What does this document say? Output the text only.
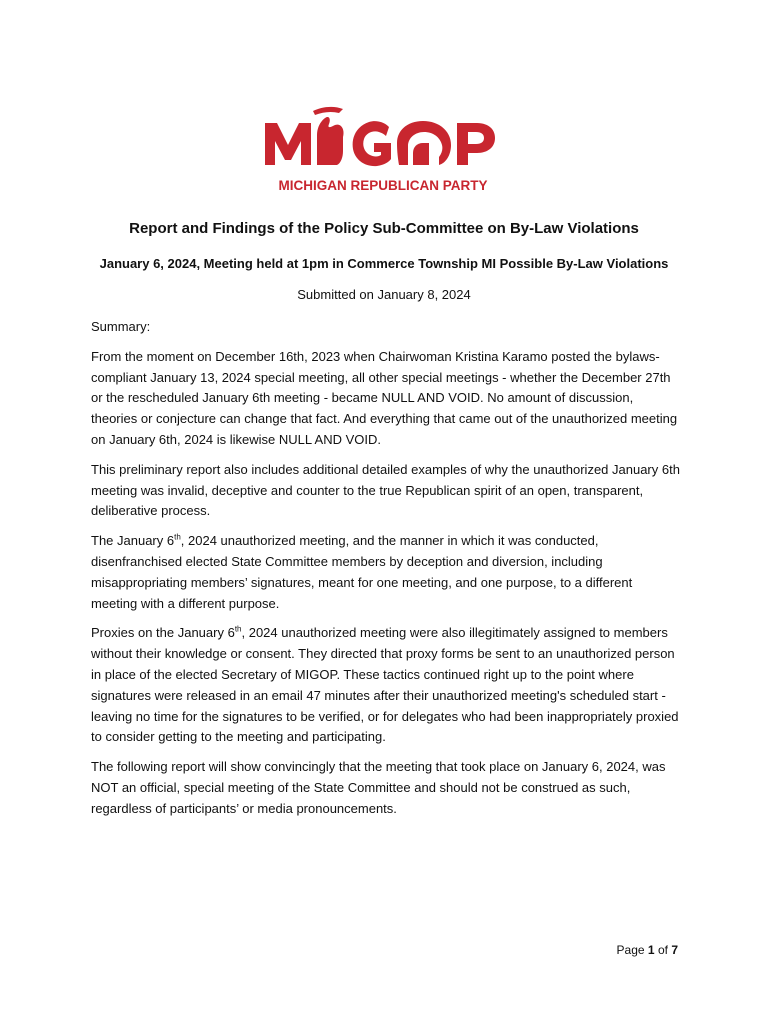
MICHIGAN REPUBLICAN PARTY
Report and Findings of the Policy Sub-Committee on By-Law Violations
January 6, 2024, Meeting held at 1pm in Commerce Township MI Possible By-Law Violations
Submitted on January 8, 2024

Summary:

From the moment on December 16th, 2023 when Chairwoman Kristina Karamo posted the bylaws-compliant January 13, 2024 special meeting, all other special meetings - whether the December 27th or the rescheduled January 6th meeting - became NULL AND VOID. No amount of discussion, theories or conjecture can change that fact. And everything that came out of the unauthorized meeting on January 6th, 2024 is likewise NULL AND VOID.

This preliminary report also includes additional detailed examples of why the unauthorized January 6th meeting was invalid, deceptive and counter to the true Republican spirit of an open, transparent, deliberative process.

The January 6th, 2024 unauthorized meeting, and the manner in which it was conducted, disenfranchised elected State Committee members by deception and diversion, including misappropriating members’ signatures, meant for one meeting, and one purpose, to a different meeting with a different purpose.

Proxies on the January 6th, 2024 unauthorized meeting were also illegitimately assigned to members without their knowledge or consent. They directed that proxy forms be sent to an unauthorized person in place of the elected Secretary of MIGOP. These tactics continued right up to the point where signatures were released in an email 47 minutes after their unauthorized meeting's scheduled start - leaving no time for the signatures to be verified, or for delegates who had been inappropriately proxied to consider getting to the meeting and participating.

The following report will show convincingly that the meeting that took place on January 6, 2024, was NOT an official, special meeting of the State Committee and should not be construed as such, regardless of participants’ or media pronouncements.

Page 1 of 7
